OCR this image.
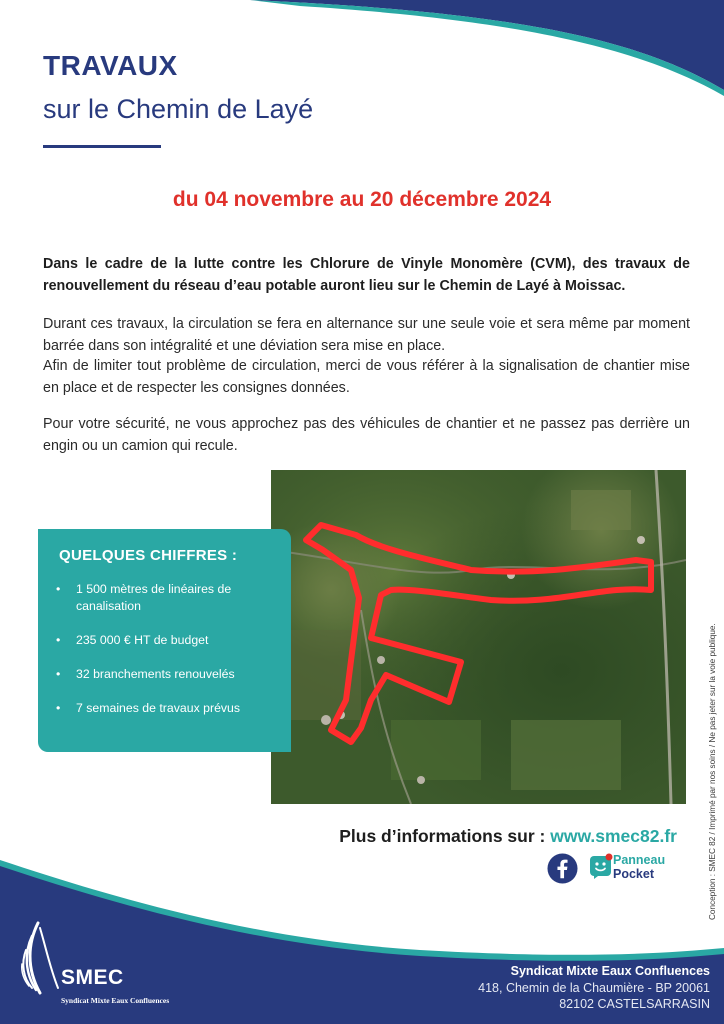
TRAVAUX
sur le Chemin de Layé
du 04 novembre au 20 décembre 2024
Dans le cadre de la lutte contre les Chlorure de Vinyle Monomère (CVM), des travaux de renouvellement du réseau d’eau potable auront lieu sur le Chemin de Layé à Moissac.
Durant ces travaux, la circulation se fera en alternance sur une seule voie et sera même par moment barrée dans son intégralité et une déviation sera mise en place.
Afin de limiter tout problème de circulation, merci de vous référer à la signalisation de chantier mise en place et de respecter les consignes données.
Pour votre sécurité, ne vous approchez pas des véhicules de chantier et ne passez pas derrière un engin ou un camion qui recule.
QUELQUES CHIFFRES :
• 1 500 mètres de linéaires de canalisation
• 235 000 € HT de budget
• 32 branchements renouvelés
• 7 semaines de travaux prévus	Conception : SMEC 82 / Imprimé par nos soins / Ne pas jeter sur la voie publique.
Plus d’informations sur : www.smec82.fr
Panneau
Pocket
SMEC
Syndicat Mixte Eaux Confluences
Syndicat Mixte Eaux Confluences
418, Chemin de la Chaumière - BP 20061
82102 CASTELSARRASIN
